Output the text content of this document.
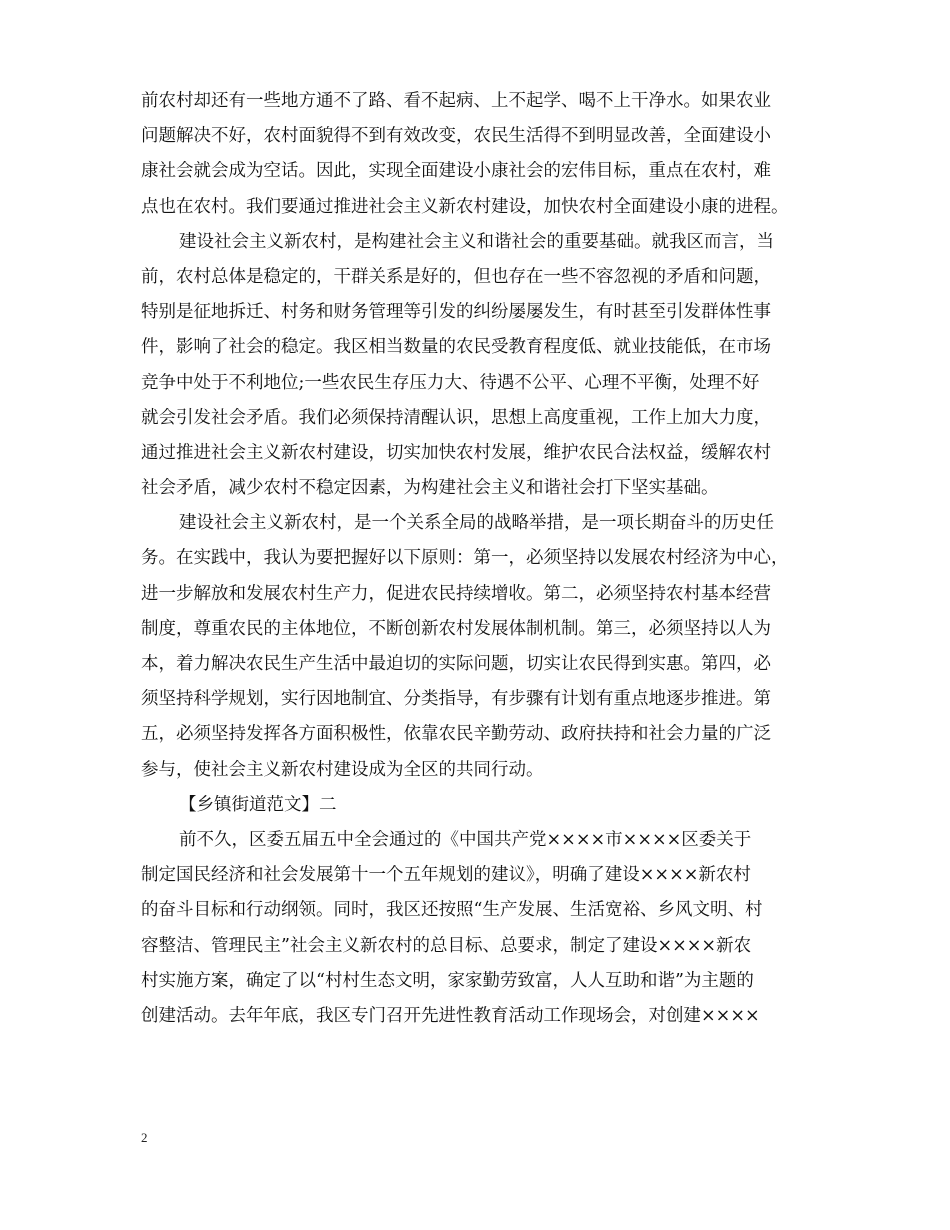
前农村却还有一些地方通不了路、看不起病、上不起学、喝不上干净水。如果农业
问题解决不好，农村面貌得不到有效改变，农民生活得不到明显改善，全面建设小
康社会就会成为空话。因此，实现全面建设小康社会的宏伟目标，重点在农村，难
点也在农村。我们要通过推进社会主义新农村建设，加快农村全面建设小康的进程。
建设社会主义新农村，是构建社会主义和谐社会的重要基础。就我区而言，当
前，农村总体是稳定的，干群关系是好的，但也存在一些不容忽视的矛盾和问题，
特别是征地拆迁、村务和财务管理等引发的纠纷屡屡发生，有时甚至引发群体性事
件，影响了社会的稳定。我区相当数量的农民受教育程度低、就业技能低，在市场
竞争中处于不利地位;一些农民生存压力大、待遇不公平、心理不平衡，处理不好
就会引发社会矛盾。我们必须保持清醒认识，思想上高度重视，工作上加大力度，
通过推进社会主义新农村建设，切实加快农村发展，维护农民合法权益，缓解农村
社会矛盾，减少农村不稳定因素，为构建社会主义和谐社会打下坚实基础。
建设社会主义新农村，是一个关系全局的战略举措，是一项长期奋斗的历史任
务。在实践中，我认为要把握好以下原则：第一，必须坚持以发展农村经济为中心，
进一步解放和发展农村生产力，促进农民持续增收。第二，必须坚持农村基本经营
制度，尊重农民的主体地位，不断创新农村发展体制机制。第三，必须坚持以人为
本，着力解决农民生产生活中最迫切的实际问题，切实让农民得到实惠。第四，必
须坚持科学规划，实行因地制宜、分类指导，有步骤有计划有重点地逐步推进。第
五，必须坚持发挥各方面积极性，依靠农民辛勤劳动、政府扶持和社会力量的广泛
参与，使社会主义新农村建设成为全区的共同行动。
【乡镇街道范文】二
前不久，区委五届五中全会通过的《中国共产党××××市××××区委关于
制定国民经济和社会发展第十一个五年规划的建议》，明确了建设××××新农村
的奋斗目标和行动纲领。同时，我区还按照“生产发展、生活宽裕、乡风文明、村
容整洁、管理民主”社会主义新农村的总目标、总要求，制定了建设××××新农
村实施方案，确定了以“村村生态文明，家家勤劳致富，人人互助和谐”为主题的
创建活动。去年年底，我区专门召开先进性教育活动工作现场会，对创建××××
2
